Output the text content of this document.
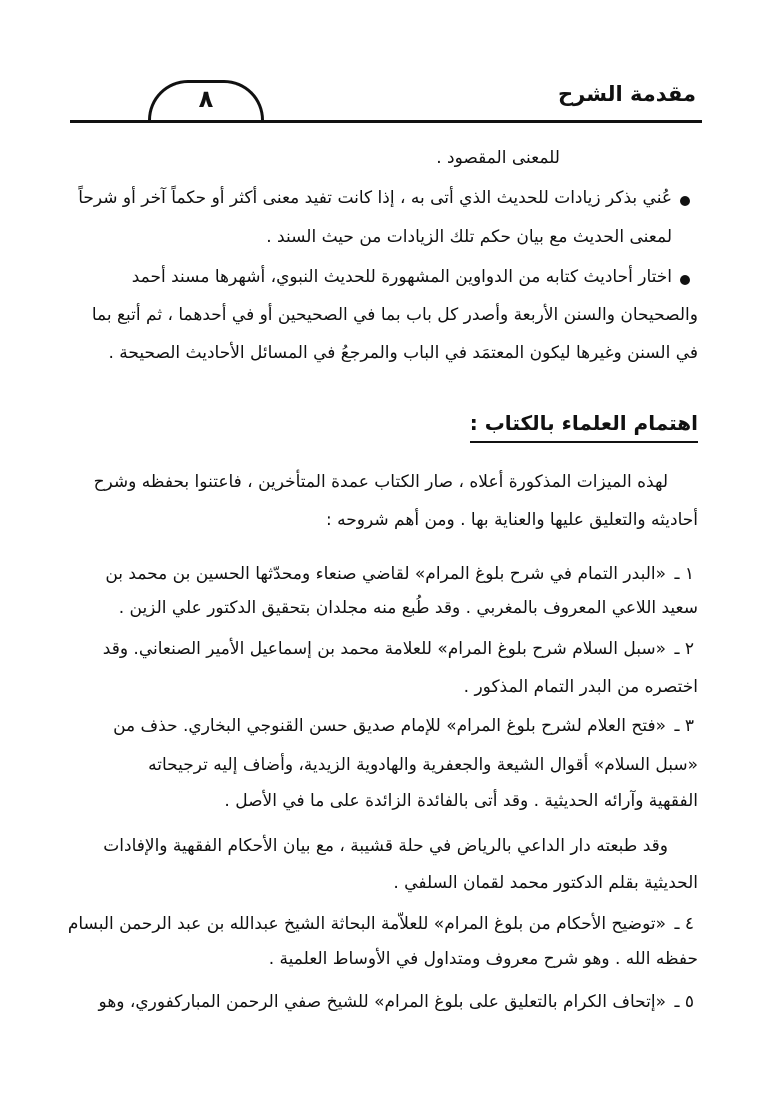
مقدمة الشرح
٨
للمعنى المقصود .
عُني بذكر زيادات للحديث الذي أتى به ، إذا كانت تفيد معنى أكثر أو حكماً آخر أو شرحاً
لمعنى الحديث مع بيان حكم تلك الزيادات من حيث السند .
اختار أحاديث كتابه من الدواوين المشهورة للحديث النبوي، أشهرها مسند أحمد
والصحيحان والسنن الأربعة وأصدر كل باب بما في الصحيحين أو في أحدهما ، ثم أتبع بما
في السنن وغيرها ليكون المعتمَد في الباب والمرجعُ في المسائل الأحاديث الصحيحة .
اهتمام العلماء بالكتاب :
لهذه الميزات المذكورة أعلاه ، صار الكتاب عمدة المتأخرين ، فاعتنوا بحفظه وشرح
أحاديثه والتعليق عليها والعناية بها . ومن أهم شروحه :
١ ـ
«البدر التمام في شرح بلوغ المرام» لقاضي صنعاء ومحدّثها الحسين بن محمد بن
سعيد اللاعي المعروف بالمغربي . وقد طُبع منه مجلدان بتحقيق الدكتور علي الزين .
٢ ـ
«سبل السلام شرح بلوغ المرام» للعلامة محمد بن إسماعيل الأمير الصنعاني. وقد
اختصره من البدر التمام المذكور .
٣ ـ
«فتح العلام لشرح بلوغ المرام» للإمام صديق حسن القنوجي البخاري. حذف من
«سبل السلام» أقوال الشيعة والجعفرية والهادوية الزيدية، وأضاف إليه ترجيحاته
الفقهية وآرائه الحديثية . وقد أتى بالفائدة الزائدة على ما في الأصل .
وقد طبعته دار الداعي بالرياض في حلة قشيبة ، مع بيان الأحكام الفقهية والإفادات
الحديثية بقلم الدكتور محمد لقمان السلفي .
٤ ـ
«توضيح الأحكام من بلوغ المرام» للعلاّمة البحاثة الشيخ عبدالله بن عبد الرحمن البسام
حفظه الله . وهو شرح معروف ومتداول في الأوساط العلمية .
٥ ـ
«إتحاف الكرام بالتعليق على بلوغ المرام» للشيخ صفي الرحمن المباركفوري، وهو
